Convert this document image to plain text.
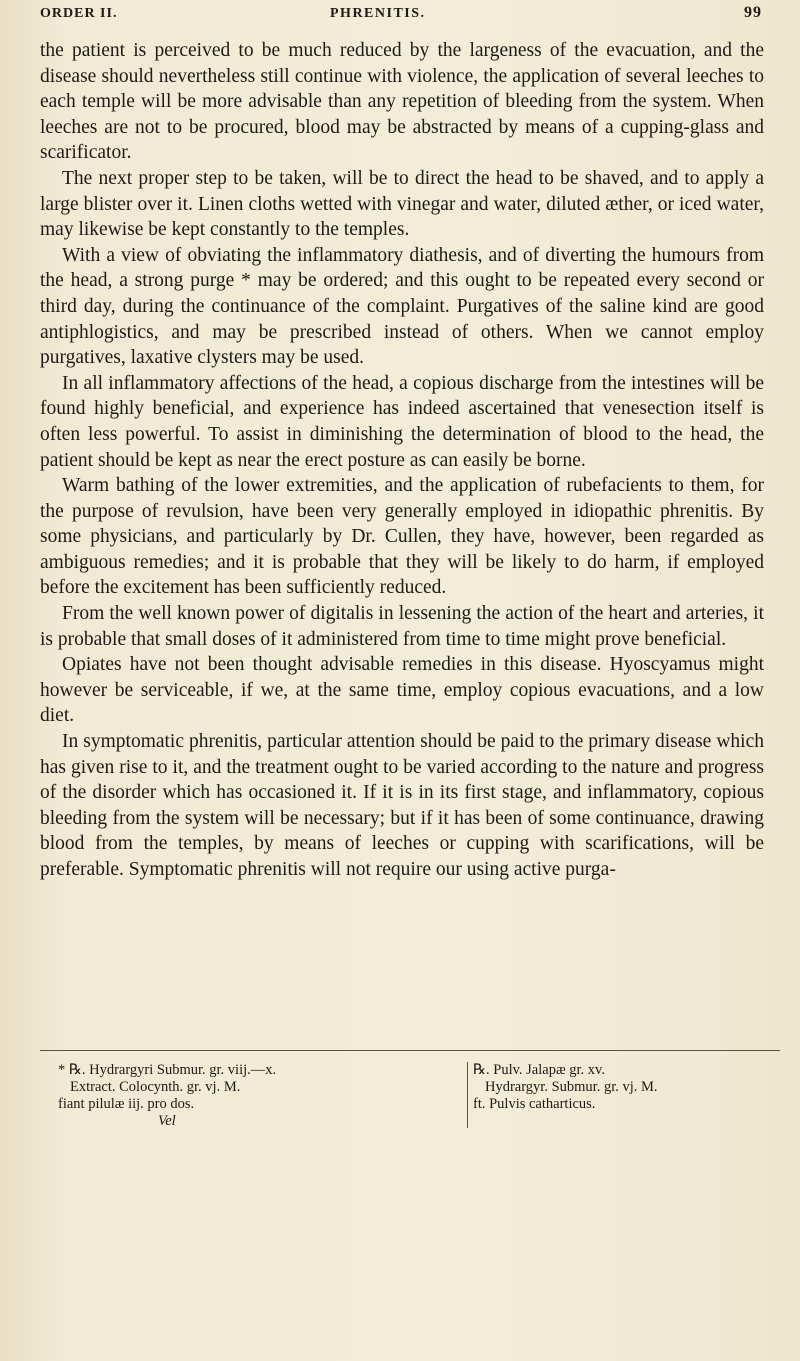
ORDER II.	PHRENITIS.	99

the patient is perceived to be much reduced by the largeness of the evacuation, and the disease should nevertheless still continue with violence, the application of several leeches to each temple will be more advisable than any repetition of bleeding from the system. When leeches are not to be procured, blood may be abstracted by means of a cupping-glass and scarificator.

The next proper step to be taken, will be to direct the head to be shaved, and to apply a large blister over it. Linen cloths wetted with vinegar and water, diluted æther, or iced water, may likewise be kept constantly to the temples.

With a view of obviating the inflammatory diathesis, and of diverting the humours from the head, a strong purge * may be ordered; and this ought to be repeated every second or third day, during the continuance of the complaint. Purgatives of the saline kind are good antiphlogistics, and may be prescribed instead of others. When we cannot employ purgatives, laxative clysters may be used.

In all inflammatory affections of the head, a copious discharge from the intestines will be found highly beneficial, and experience has indeed ascertained that venesection itself is often less powerful. To assist in diminishing the determination of blood to the head, the patient should be kept as near the erect posture as can easily be borne.

Warm bathing of the lower extremities, and the application of rubefacients to them, for the purpose of revulsion, have been very generally employed in idiopathic phrenitis. By some physicians, and particularly by Dr. Cullen, they have, however, been regarded as ambiguous remedies; and it is probable that they will be likely to do harm, if employed before the excitement has been sufficiently reduced.

From the well known power of digitalis in lessening the action of the heart and arteries, it is probable that small doses of it administered from time to time might prove beneficial.

Opiates have not been thought advisable remedies in this disease. Hyoscyamus might however be serviceable, if we, at the same time, employ copious evacuations, and a low diet.

In symptomatic phrenitis, particular attention should be paid to the primary disease which has given rise to it, and the treatment ought to be varied according to the nature and progress of the disorder which has occasioned it. If it is in its first stage, and inflammatory, copious bleeding from the system will be necessary; but if it has been of some continuance, drawing blood from the temples, by means of leeches or cupping with scarifications, will be preferable. Symptomatic phrenitis will not require our using active purga-

* ℞. Hydrargyri Submur. gr. viij.—x.
Extract. Colocynth. gr. vj. M.
fiant pilulæ iij. pro dos.
Vel
℞. Pulv. Jalapæ gr. xv.
Hydrargyr. Submur. gr. vj. M.
ft. Pulvis catharticus.
